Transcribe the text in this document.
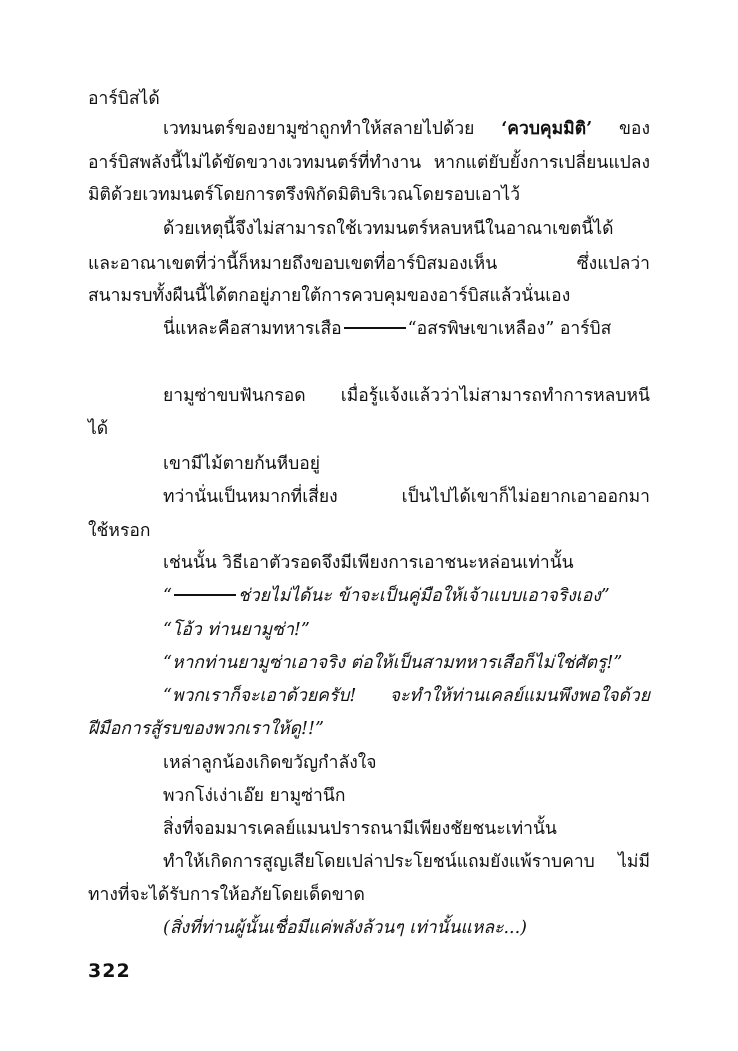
อาร์บิสได้
เวทมนตร์ของยามูซ่าถูกทำให้สลายไปด้วย ‘ควบคุมมิติ’ ของ
อาร์บิสพลังนี้ไม่ได้ขัดขวางเวทมนตร์ที่ทำงาน หากแต่ยับยั้งการเปลี่ยนแปลง
มิติด้วยเวทมนตร์โดยการตรึงพิกัดมิติบริเวณโดยรอบเอาไว้
ด้วยเหตุนี้จึงไม่สามารถใช้เวทมนตร์หลบหนีในอาณาเขตนี้ได้
และอาณาเขตที่ว่านี้ก็หมายถึงขอบเขตที่อาร์บิสมองเห็น ซึ่งแปลว่า
สนามรบทั้งผืนนี้ได้ตกอยู่ภายใต้การควบคุมของอาร์บิสแล้วนั่นเอง
นี่แหละคือสามทหารเสือ	“อสรพิษเขาเหลือง” อาร์บิส
ยามูซ่าขบฟันกรอด เมื่อรู้แจ้งแล้วว่าไม่สามารถทำการหลบหนี
ได้
เขามีไม้ตายก้นหีบอยู่
ทว่านั่นเป็นหมากที่เสี่ยง เป็นไปได้เขาก็ไม่อยากเอาออกมา
ใช้หรอก
เช่นนั้น วิธีเอาตัวรอดจึงมีเพียงการเอาชนะหล่อนเท่านั้น
“	ช่วยไม่ได้นะ ข้าจะเป็นคู่มือให้เจ้าแบบเอาจริงเอง”
“โอ้ว ท่านยามูซ่า!”
“หากท่านยามูซ่าเอาจริง ต่อให้เป็นสามทหารเสือก็ไม่ใช่ศัตรู!”
“พวกเราก็จะเอาด้วยครับ! จะทำให้ท่านเคลย์แมนพึงพอใจด้วย
ฝีมือการสู้รบของพวกเราให้ดู!!”
เหล่าลูกน้องเกิดขวัญกำลังใจ
พวกโง่เง่าเอ๊ย ยามูซ่านึก
สิ่งที่จอมมารเคลย์แมนปรารถนามีเพียงชัยชนะเท่านั้น
ทำให้เกิดการสูญเสียโดยเปล่าประโยชน์แถมยังแพ้ราบคาบ ไม่มี
ทางที่จะได้รับการให้อภัยโดยเด็ดขาด
(สิ่งที่ท่านผู้นั้นเชื่อมีแค่พลังล้วนๆ เท่านั้นแหละ...)
322
